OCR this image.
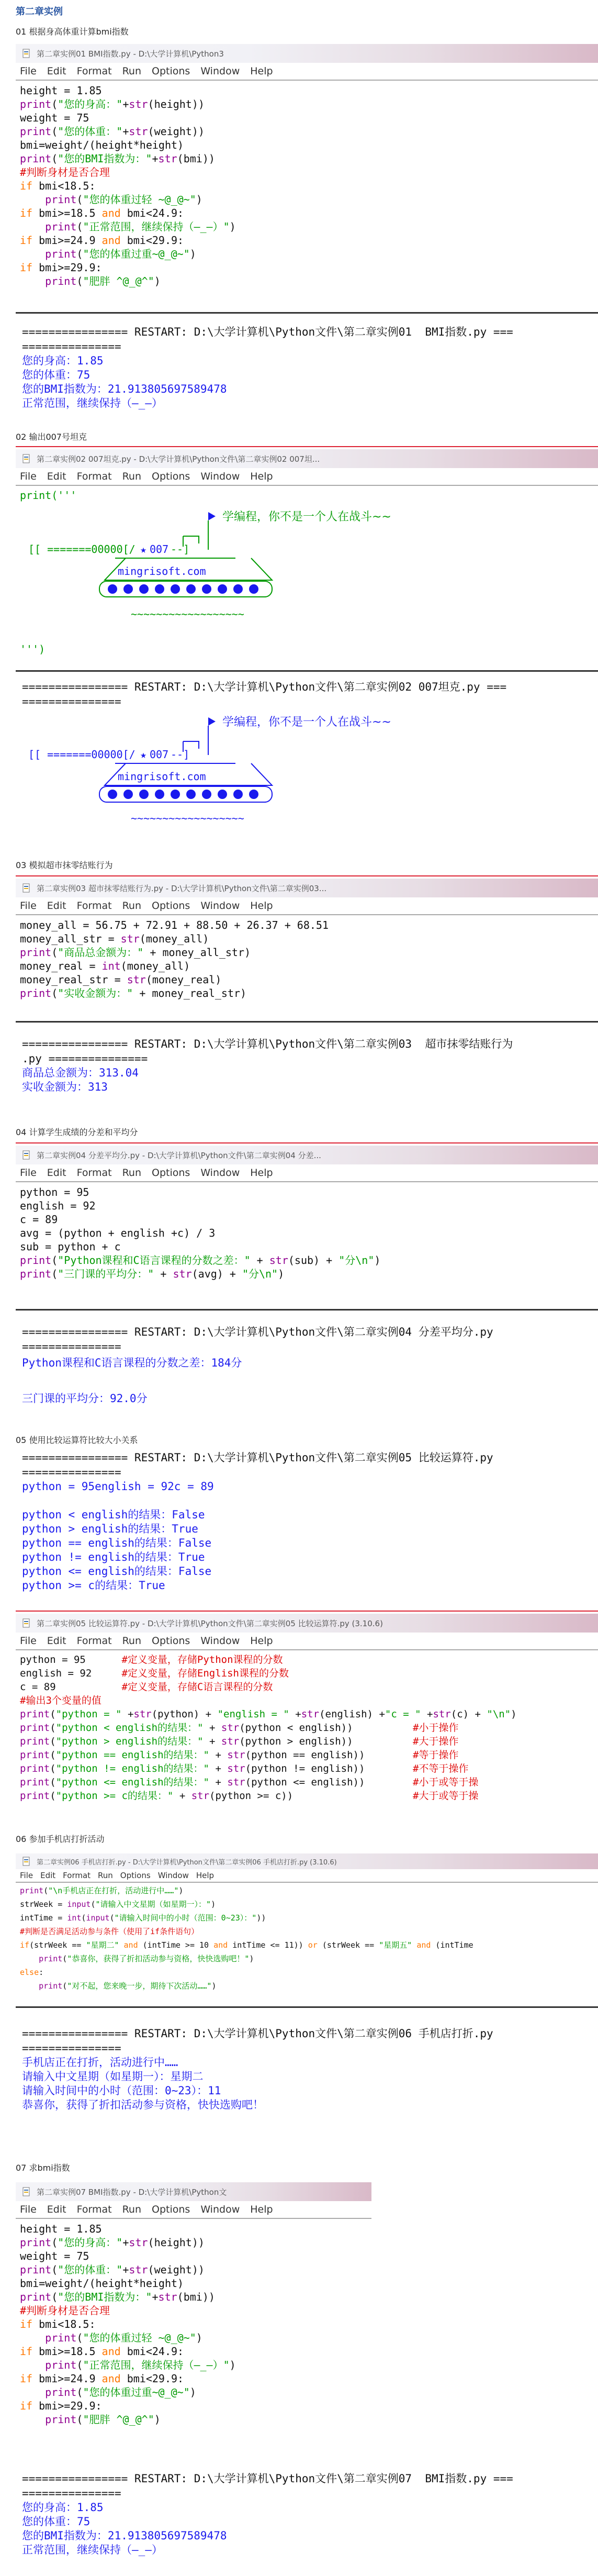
第二章实例
01 根据身高体重计算bmi指数
第二章实例01 BMI指数.py - D:\大学计算机\Python3
File Edit Format Run Options Window Help
height = 1.85
print("您的身高："+str(height))
weight = 75
print("您的体重："+str(weight))
bmi=weight/(height*height)
print("您的BMI指数为："+str(bmi))
#判断身材是否合理
if bmi<18.5:
print("您的体重过轻 ~@_@~")
if bmi>=18.5 and bmi<24.9:
print("正常范围，继续保持（—_—）")
if bmi>=24.9 and bmi<29.9:
print("您的体重过重~@_@~")
if bmi>=29.9:
print("肥胖 ^@_@^")
================ RESTART: D:\大学计算机\Python文件\第二章实例01  BMI指数.py ===
===============
您的身高：1.85
您的体重：75
您的BMI指数为：21.913805697589478
正常范围，继续保持（—_—）
02 输出007号坦克
第二章实例02 007坦克.py - D:\大学计算机\Python文件\第二章实例02 007坦...
File Edit Format Run Options Window Help
print('''
学编程，你不是一个人在战斗~~
[[ =======00000[/ ★ 007 --]
mingrisoft.com
~~~~~~~~~~~~~~~~~~
''')
================ RESTART: D:\大学计算机\Python文件\第二章实例02 007坦克.py ===
===============
学编程，你不是一个人在战斗~~
[[ =======00000[/ ★ 007 --]
mingrisoft.com
~~~~~~~~~~~~~~~~~~
03 模拟超市抹零结账行为
第二章实例03 超市抹零结账行为.py - D:\大学计算机\Python文件\第二章实例03...
File Edit Format Run Options Window Help
money_all = 56.75 + 72.91 + 88.50 + 26.37 + 68.51
money_all_str = str(money_all)
print("商品总金额为：" + money_all_str)
money_real = int(money_all)
money_real_str = str(money_real)
print("实收金额为：" + money_real_str)
================ RESTART: D:\大学计算机\Python文件\第二章实例03  超市抹零结账行为
.py ===============
商品总金额为：313.04
实收金额为：313
04 计算学生成绩的分差和平均分
第二章实例04 分差平均分.py - D:\大学计算机\Python文件\第二章实例04 分差...
File Edit Format Run Options Window Help
python = 95
english = 92
c = 89
avg = (python + english +c) / 3
sub = python + c
print("Python课程和C语言课程的分数之差：" + str(sub) + "分\n")
print("三门课的平均分：" + str(avg) + "分\n")
================ RESTART: D:\大学计算机\Python文件\第二章实例04 分差平均分.py
===============
Python课程和C语言课程的分数之差：184分

三门课的平均分：92.0分
05 使用比较运算符比较大小关系
================ RESTART: D:\大学计算机\Python文件\第二章实例05 比较运算符.py
===============
python = 95english = 92c = 89

python < english的结果：False
python > english的结果：True
python == english的结果：False
python != english的结果：True
python <= english的结果：False
python >= c的结果：True
第二章实例05 比较运算符.py - D:\大学计算机\Python文件\第二章实例05 比较运算符.py (3.10.6)
File Edit Format Run Options Window Help
python = 95      #定义变量，存储Python课程的分数
english = 92     #定义变量，存储English课程的分数
c = 89           #定义变量，存储C语言课程的分数
#输出3个变量的值
print("python = " +str(python) + "english = " +str(english) +"c = " +str(c) + "\n")
print("python < english的结果：" + str(python < english))          #小于操作
print("python > english的结果：" + str(python > english))          #大于操作
print("python == english的结果：" + str(python == english))        #等于操作
print("python != english的结果：" + str(python != english))        #不等于操作
print("python <= english的结果：" + str(python <= english))        #小于或等于操
print("python >= c的结果：" + str(python >= c))                    #大于或等于操
06 参加手机店打折活动
第二章实例06 手机店打折.py - D:\大学计算机\Python文件\第二章实例06 手机店打折.py (3.10.6)
File Edit Format Run Options Window Help
print("\n手机店正在打折，活动进行中……")
strWeek = input("请输入中文星期（如星期一）：")
intTime = int(input("请输入时间中的小时（范围：0~23）："))
#判断是否满足活动参与条件（使用了if条件语句）
if(strWeek == "星期二" and (intTime >= 10 and intTime <= 11)) or (strWeek == "星期五" and (intTime
print("恭喜你，获得了折扣活动参与资格，快快选购吧！")
else:
print("对不起，您来晚一步，期待下次活动……")
================ RESTART: D:\大学计算机\Python文件\第二章实例06 手机店打折.py
===============
手机店正在打折，活动进行中……
请输入中文星期（如星期一）：星期二
请输入时间中的小时（范围：0~23）：11
恭喜你，获得了折扣活动参与资格，快快选购吧！
07 求bmi指数
第二章实例07 BMI指数.py - D:\大学计算机\Python文
File Edit Format Run Options Window Help
height = 1.85
print("您的身高："+str(height))
weight = 75
print("您的体重："+str(weight))
bmi=weight/(height*height)
print("您的BMI指数为："+str(bmi))
#判断身材是否合理
if bmi<18.5:
print("您的体重过轻 ~@_@~")
if bmi>=18.5 and bmi<24.9:
print("正常范围，继续保持（—_—）")
if bmi>=24.9 and bmi<29.9:
print("您的体重过重~@_@~")
if bmi>=29.9:
print("肥胖 ^@_@^")
================ RESTART: D:\大学计算机\Python文件\第二章实例07  BMI指数.py ===
===============
您的身高：1.85
您的体重：75
您的BMI指数为：21.913805697589478
正常范围，继续保持（—_—）
